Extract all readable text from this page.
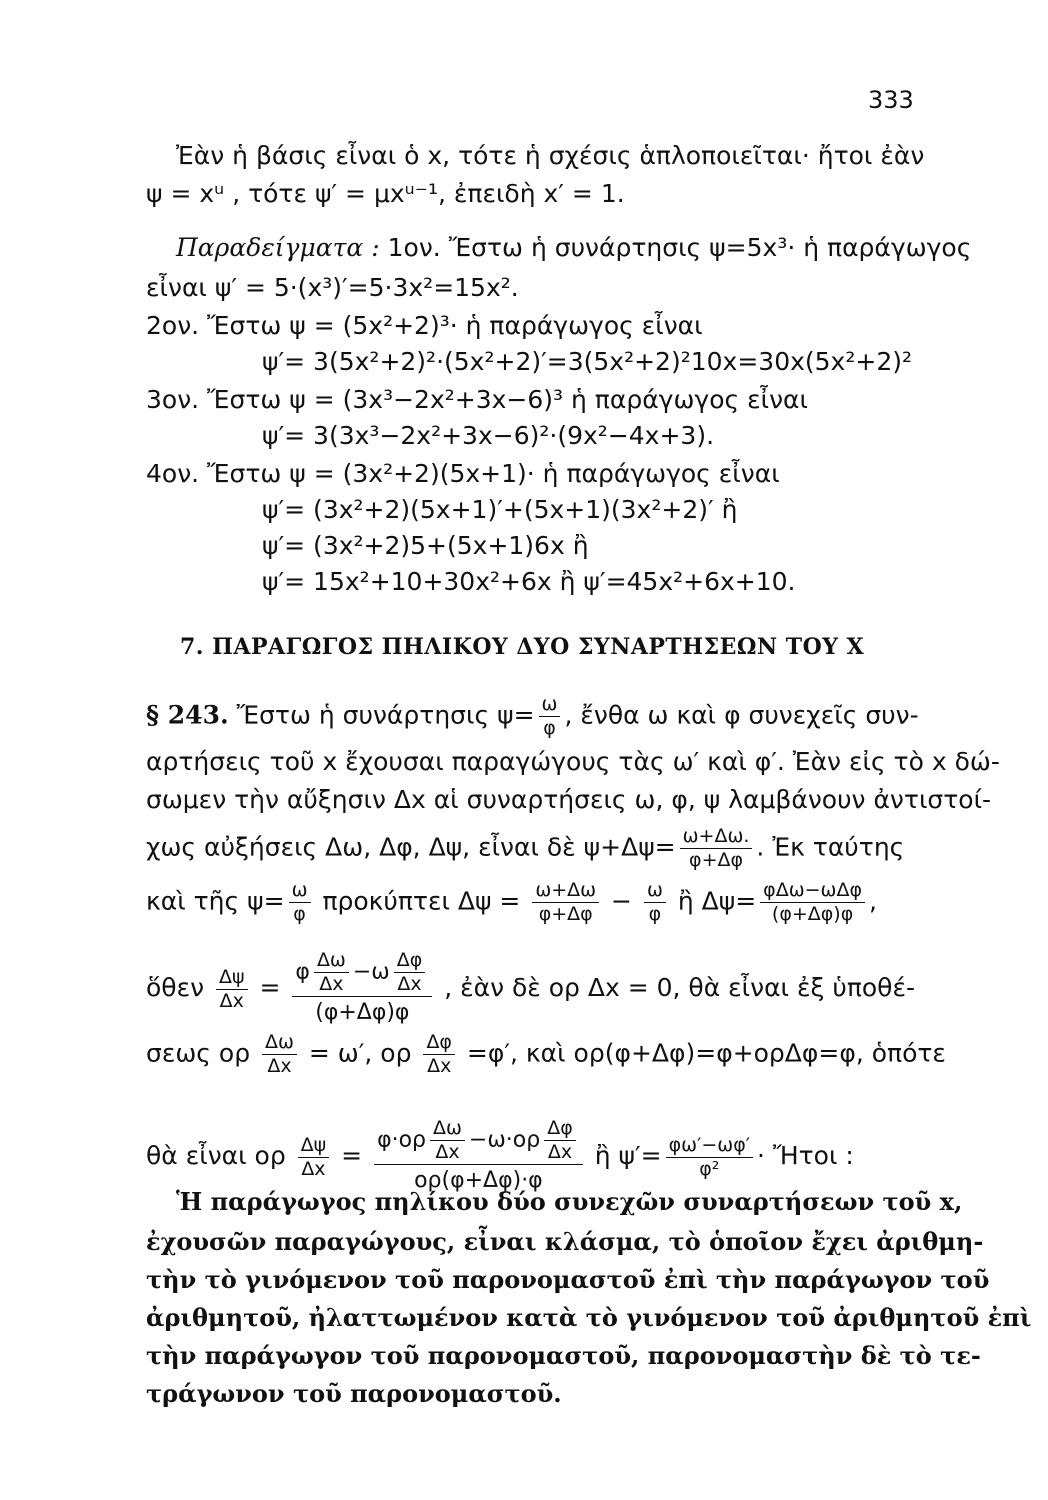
333
Ἐὰν ἡ βάσις εἶναι ὁ x, τότε ἡ σχέσις ἁπλοποιεῖται· ἤτοι ἐὰν
ψ = xᵘ , τότε ψ′ = μxᵘ⁻¹, ἐπειδὴ x′ = 1.
Παραδείγματα : 1ον. Ἔστω ἡ συνάρτησις ψ=5x³· ἡ παράγωγος
εἶναι ψ′ = 5·(x³)′=5·3x²=15x².
2ον. Ἔστω ψ = (5x²+2)³· ἡ παράγωγος εἶναι
ψ′= 3(5x²+2)²·(5x²+2)′=3(5x²+2)²10x=30x(5x²+2)²
3ον. Ἔστω ψ = (3x³−2x²+3x−6)³ ἡ παράγωγος εἶναι
ψ′= 3(3x³−2x²+3x−6)²·(9x²−4x+3).
4ον. Ἔστω ψ = (3x²+2)(5x+1)· ἡ παράγωγος εἶναι
ψ′= (3x²+2)(5x+1)′+(5x+1)(3x²+2)′ ἢ
ψ′= (3x²+2)5+(5x+1)6x ἢ
ψ′= 15x²+10+30x²+6x ἢ ψ′=45x²+6x+10.
7. ΠΑΡΑΓΩΓΟΣ ΠΗΛΙΚΟΥ ΔΥΟ ΣΥΝΑΡΤΗΣΕΩΝ ΤΟΥ X
§ 243. Ἔστω ἡ συνάρτησις $\psi= \frac{\omega}{\varphi}$ , ἔνθα ω καὶ φ συνεχεῖς συν-
αρτήσεις τοῦ x ἔχουσαι παραγώγους τὰς ω′ καὶ φ′. Ἐὰν εἰς τὸ x δώ-
σωμεν τὴν αὔξησιν Δx αἱ συναρτήσεις ω, φ, ψ λαμβάνουν ἀντιστοί-
χως αὐξήσεις Δω, Δφ, Δψ, εἶναι δὲ $\psi+\Delta\psi= \frac{\omega+\Delta\omega.}{\varphi+\Delta\varphi}$ . Ἐκ ταύτης
καὶ τῆς $\psi= \frac{\omega}{\varphi}$ προκύπτει $\Delta\psi = \frac{\omega+\Delta\omega}{\varphi+\Delta\varphi} - \frac{\omega}{\varphi}$ ἢ $\Delta\psi= \frac{\text{φΔω−ωΔφ}}{(\varphi+\Delta\varphi)\varphi}$ ,
ὅθεν $\frac{\Delta\psi}{\Delta x} = \frac{\varphi \frac{\Delta\omega}{\Delta x} -\omega \frac{\Delta\varphi}{\Delta x}}{(\varphi+\Delta\varphi)\varphi}$ , ἐὰν δὲ ορ Δx = 0, θὰ εἶναι ἐξ ὑποθέ-
σεως ορ $\frac{\Delta\omega}{\Delta x} = \omega'$, ορ $\frac{\Delta\varphi}{\Delta x} =\varphi'$, καὶ ορ(φ+Δφ)=φ+ορΔφ=φ, ὁπότε
θὰ εἶναι ορ $\frac{\Delta\psi}{\Delta x} = \frac{\varphi\cdot o\rho \frac{\Delta\omega}{\Delta x} -\omega\cdot o\rho \frac{\Delta\varphi}{\Delta x}}{o\rho(\varphi+\Delta\varphi)\cdot\varphi}$ ἢ $\psi'= \frac{\varphi\omega'-\omega\varphi'}{\text{φ²}}$ · Ἤτοι :
Ἡ παράγωγος πηλίκου δύο συνεχῶν συναρτήσεων τοῦ x,
ἐχουσῶν παραγώγους, εἶναι κλάσμα, τὸ ὁποῖον ἔχει ἀριθμη-
τὴν τὸ γινόμενον τοῦ παρονομαστοῦ ἐπὶ τὴν παράγωγον τοῦ
ἀριθμητοῦ, ἠλαττωμένον κατὰ τὸ γινόμενον τοῦ ἀριθμητοῦ ἐπὶ
τὴν παράγωγον τοῦ παρονομαστοῦ, παρονομαστὴν δὲ τὸ τε-
τράγωνον τοῦ παρονομαστοῦ.
